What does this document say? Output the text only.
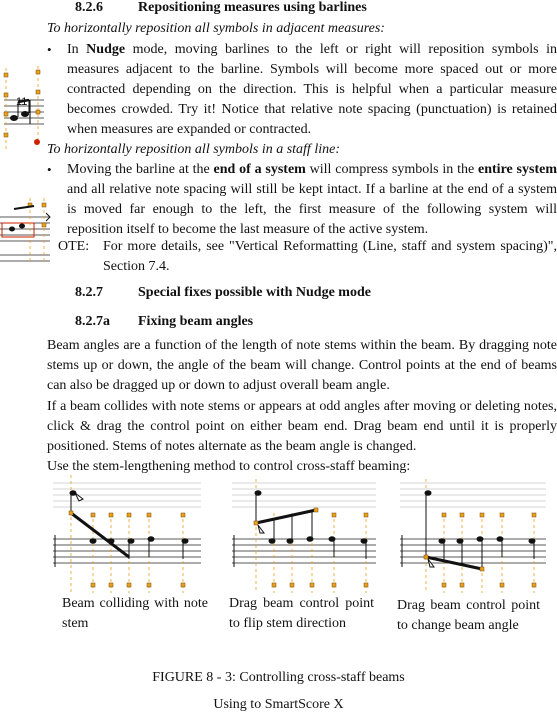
8.2.6	Repositioning measures using barlines
To horizontally reposition all symbols in adjacent measures:
• In Nudge mode, moving barlines to the left or right will reposition symbols in measures adjacent to the barline. Symbols will become more spaced out or more contracted depending on the direction. This is helpful when a particular measure becomes crowded. Try it! Notice that relative note spacing (punctuation) is retained when measures are expanded or contracted.
11
To horizontally reposition all symbols in a staff line:
• Moving the barline at the end of a system will compress symbols in the entire system and all relative note spacing will still be kept intact. If a barline at the end of a system is moved far enough to the left, the first measure of the following system will reposition itself to become the last measure of the active system.
OTE: For more details, see "Vertical Reformatting (Line, staff and system spacing)", Section 7.4.
8.2.7	Special fixes possible with Nudge mode
8.2.7a Fixing beam angles
Beam angles are a function of the length of note stems within the beam. By dragging note stems up or down, the angle of the beam will change. Control points at the end of beams can also be dragged up or down to adjust overall beam angle.
If a beam collides with note stems or appears at odd angles after moving or deleting notes, click & drag the control point on either beam end. Drag beam end until it is properly positioned. Stems of notes alternate as the beam angle is changed.
Use the stem-lengthening method to control cross-staff beaming:
Beam colliding with note stem
Drag beam control point to flip stem direction
Drag beam control point to change beam angle
FIGURE 8 - 3: Controlling cross-staff beams
Using to SmartScore X
